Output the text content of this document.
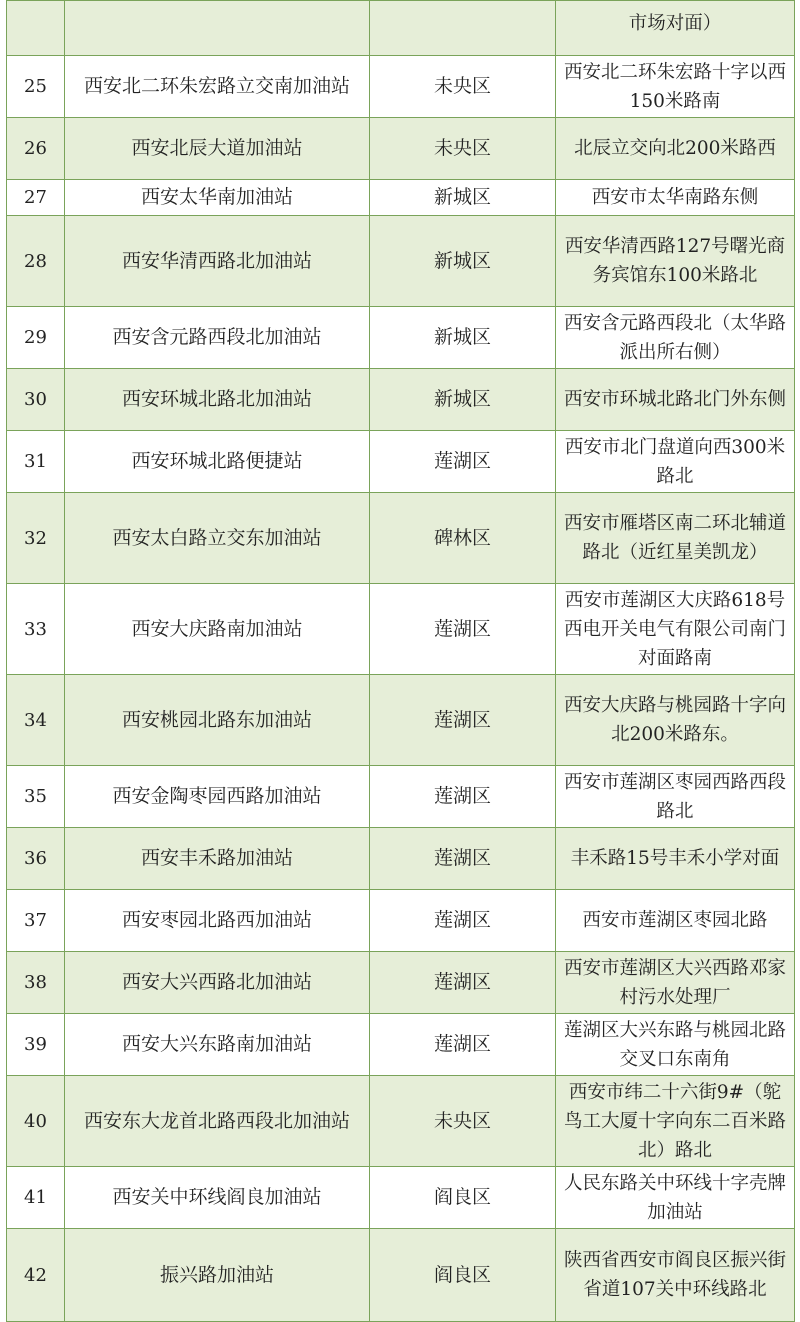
			市场对面）
25	西安北二环朱宏路立交南加油站	未央区	西安北二环朱宏路十字以西150米路南
26	西安北辰大道加油站	未央区	北辰立交向北200米路西
27	西安太华南加油站	新城区	西安市太华南路东侧
28	西安华清西路北加油站	新城区	西安华清西路127号曙光商务宾馆东100米路北
29	西安含元路西段北加油站	新城区	西安含元路西段北（太华路派出所右侧）
30	西安环城北路北加油站	新城区	西安市环城北路北门外东侧
31	西安环城北路便捷站	莲湖区	西安市北门盘道向西300米路北
32	西安太白路立交东加油站	碑林区	西安市雁塔区南二环北辅道路北（近红星美凯龙）
33	西安大庆路南加油站	莲湖区	西安市莲湖区大庆路618号西电开关电气有限公司南门对面路南
34	西安桃园北路东加油站	莲湖区	西安大庆路与桃园路十字向北200米路东。
35	西安金陶枣园西路加油站	莲湖区	西安市莲湖区枣园西路西段路北
36	西安丰禾路加油站	莲湖区	丰禾路15号丰禾小学对面
37	西安枣园北路西加油站	莲湖区	西安市莲湖区枣园北路
38	西安大兴西路北加油站	莲湖区	西安市莲湖区大兴西路邓家村污水处理厂
39	西安大兴东路南加油站	莲湖区	莲湖区大兴东路与桃园北路交叉口东南角
40	西安东大龙首北路西段北加油站	未央区	西安市纬二十六街9#（鸵鸟工大厦十字向东二百米路北）路北
41	西安关中环线阎良加油站	阎良区	人民东路关中环线十字壳牌加油站
42	振兴路加油站	阎良区	陕西省西安市阎良区振兴街省道107关中环线路北
